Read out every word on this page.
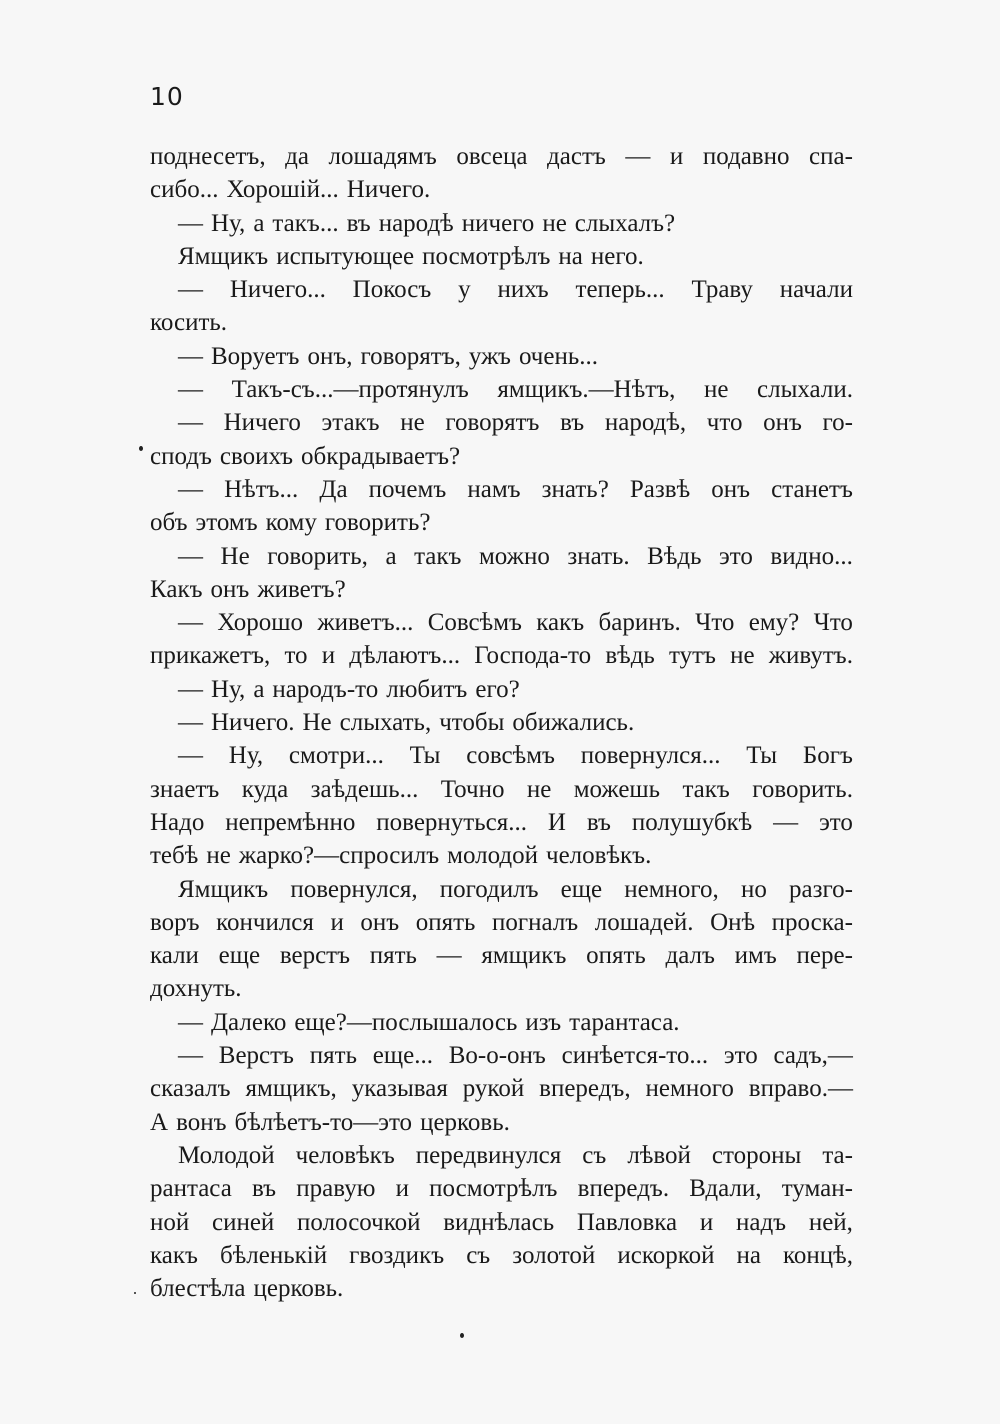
10
поднесетъ, да лошадямъ овсеца дастъ — и подавно спа-
сибо... Хорошій... Ничего.
— Ну, а такъ... въ народѣ ничего не слыхалъ?
Ямщикъ испытующее посмотрѣлъ на него.
— Ничего... Покосъ у нихъ теперь... Траву начали
косить.
— Воруетъ онъ, говорятъ, ужъ очень...
— Такъ-съ...—протянулъ ямщикъ.—Нѣтъ, не слыхали.
— Ничего этакъ не говорятъ въ народѣ, что онъ го-
сподъ своихъ обкрадываетъ?
— Нѣтъ... Да почемъ намъ знать? Развѣ онъ станетъ
объ этомъ кому говорить?
— Не говорить, а такъ можно знать. Вѣдь это видно...
Какъ онъ живетъ?
— Хорошо живетъ... Совсѣмъ какъ баринъ. Что ему? Что
прикажетъ, то и дѣлаютъ... Господа-то вѣдь тутъ не живутъ.
— Ну, а народъ-то любитъ его?
— Ничего. Не слыхать, чтобы обижались.
— Ну, смотри... Ты совсѣмъ повернулся... Ты Богъ
знаетъ куда заѣдешь... Точно не можешь такъ говорить.
Надо непремѣнно повернуться... И въ полушубкѣ — это
тебѣ не жарко?—спросилъ молодой человѣкъ.
Ямщикъ повернулся, погодилъ еще немного, но разго-
воръ кончился и онъ опять погналъ лошадей. Онѣ проска-
кали еще верстъ пять — ямщикъ опять далъ имъ пере-
дохнуть.
— Далеко еще?—послышалось изъ тарантаса.
— Верстъ пять еще... Во-о-онъ синѣется-то... это садъ,—
сказалъ ямщикъ, указывая рукой впередъ, немного вправо.—
А вонъ бѣлѣетъ-то—это церковь.
Молодой человѣкъ передвинулся съ лѣвой стороны та-
рантаса въ правую и посмотрѣлъ впередъ. Вдали, туман-
ной синей полосочкой виднѣлась Павловка и надъ ней,
какъ бѣленькій гвоздикъ съ золотой искоркой на концѣ,
блестѣла церковь.
